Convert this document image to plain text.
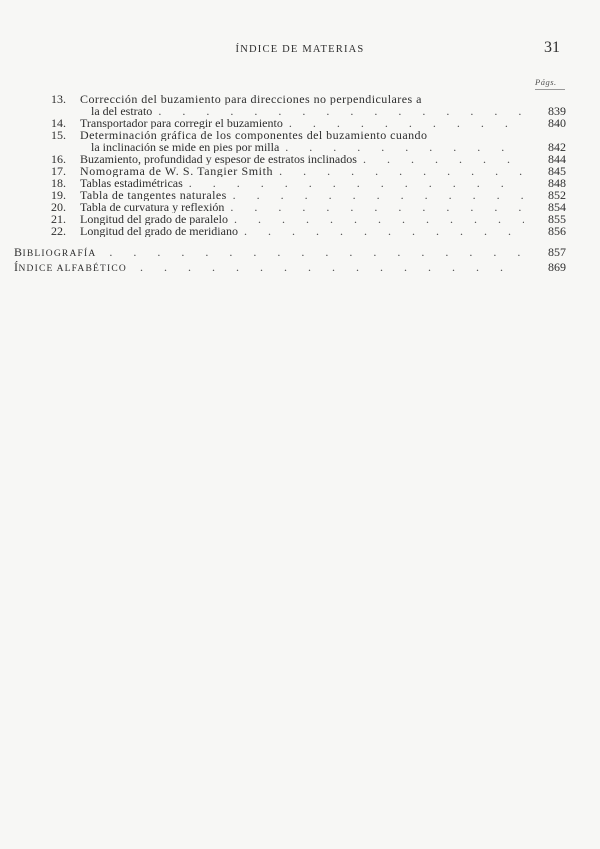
ÍNDICE DE MATERIAS	31
Págs.
13. Corrección del buzamiento para direcciones no perpendiculares a
la del estrato .	839
14. Transportador para corregir el buzamiento .	840
15. Determinación gráfica de los componentes del buzamiento cuando
la inclinación se mide en pies por milla .	842
16. Buzamiento, profundidad y espesor de estratos inclinados .	844
17. Nomograma de W. S. Tangier Smith .	845
18. Tablas estadimétricas .	848
19. Tabla de tangentes naturales .	852
20. Tabla de curvatura y reflexión .	854
21. Longitud del grado de paralelo .	855
22. Longitud del grado de meridiano .	856
BIBLIOGRAFÍA .	857
ÍNDICE ALFABÉTICO .	869
